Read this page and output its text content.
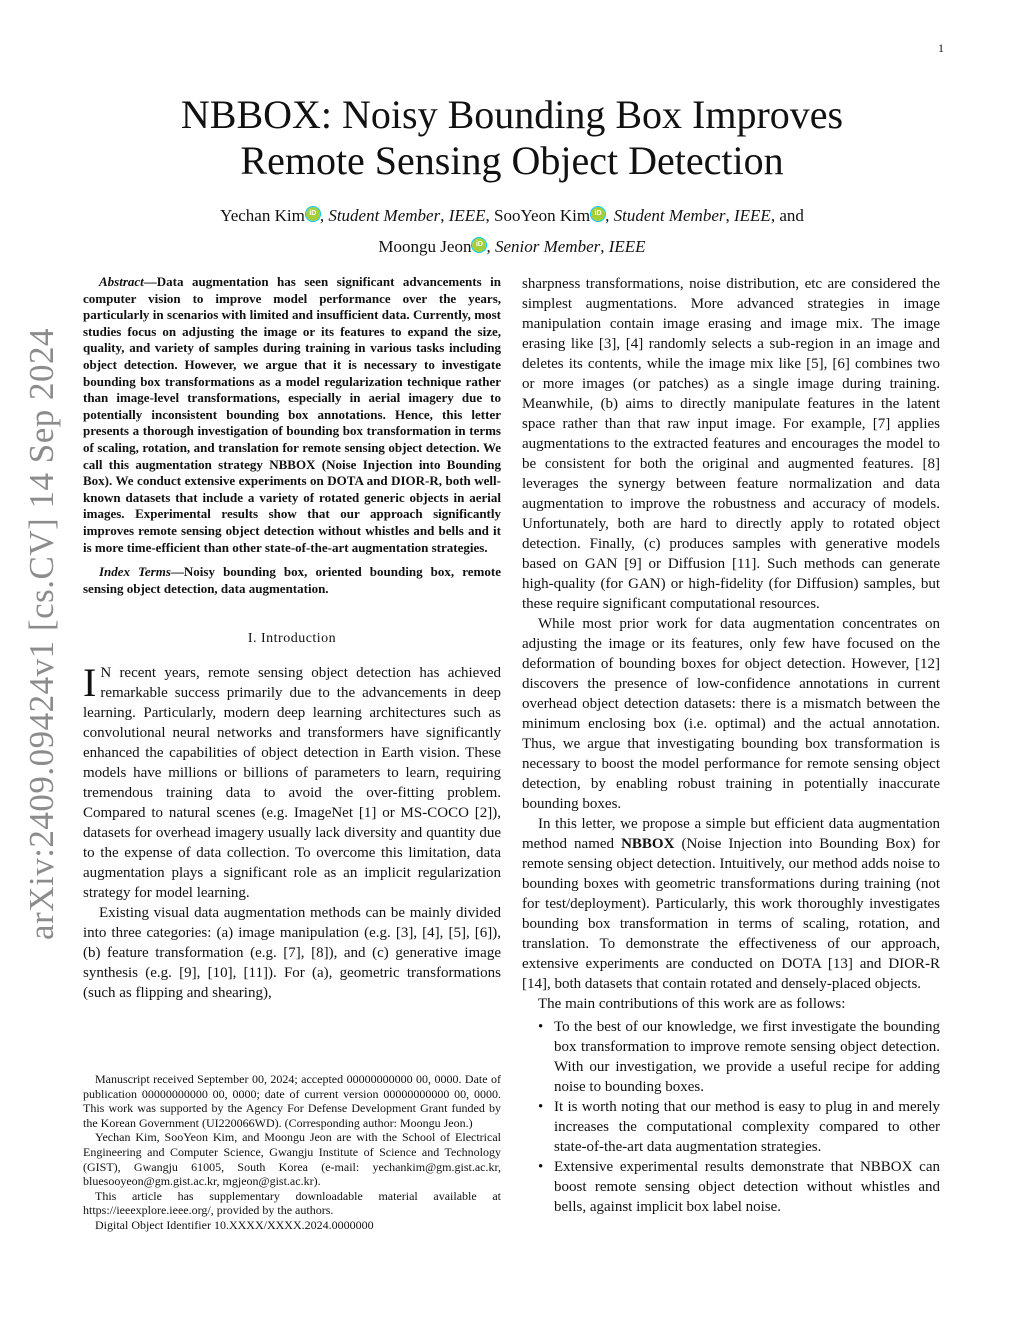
1
arXiv:2409.09424v1 [cs.CV] 14 Sep 2024
NBBOX: Noisy Bounding Box Improves
Remote Sensing Object Detection
Yechan Kim iD , Student Member, IEEE, SooYeon Kim iD , Student Member, IEEE, and
Moongu Jeon iD , Senior Member, IEEE

Abstract—Data augmentation has seen significant advancements in computer vision to improve model performance over the years, particularly in scenarios with limited and insufficient data. Currently, most studies focus on adjusting the image or its features to expand the size, quality, and variety of samples during training in various tasks including object detection. However, we argue that it is necessary to investigate bounding box transformations as a model regularization technique rather than image-level transformations, especially in aerial imagery due to potentially inconsistent bounding box annotations. Hence, this letter presents a thorough investigation of bounding box transformation in terms of scaling, rotation, and translation for remote sensing object detection. We call this augmentation strategy NBBOX (Noise Injection into Bounding Box). We conduct extensive experiments on DOTA and DIOR-R, both well-known datasets that include a variety of rotated generic objects in aerial images. Experimental results show that our approach significantly improves remote sensing object detection without whistles and bells and it is more time-efficient than other state-of-the-art augmentation strategies.

Index Terms—Noisy bounding box, oriented bounding box, remote sensing object detection, data augmentation.

I. Introduction

I N recent years, remote sensing object detection has achieved remarkable success primarily due to the advancements in deep learning. Particularly, modern deep learning architectures such as convolutional neural networks and transformers have significantly enhanced the capabilities of object detection in Earth vision. These models have millions or billions of parameters to learn, requiring tremendous training data to avoid the over-fitting problem. Compared to natural scenes (e.g. ImageNet [1] or MS-COCO [2]), datasets for overhead imagery usually lack diversity and quantity due to the expense of data collection. To overcome this limitation, data augmentation plays a significant role as an implicit regularization strategy for model learning.

Existing visual data augmentation methods can be mainly divided into three categories: (a) image manipulation (e.g. [3], [4], [5], [6]), (b) feature transformation (e.g. [7], [8]), and (c) generative image synthesis (e.g. [9], [10], [11]). For (a), geometric transformations (such as flipping and shearing),

Manuscript received September 00, 2024; accepted 00000000000 00, 0000. Date of publication 00000000000 00, 0000; date of current version 00000000000 00, 0000. This work was supported by the Agency For Defense Development Grant funded by the Korean Government (UI220066WD). (Corresponding author: Moongu Jeon.)

Yechan Kim, SooYeon Kim, and Moongu Jeon are with the School of Electrical Engineering and Computer Science, Gwangju Institute of Science and Technology (GIST), Gwangju 61005, South Korea (e-mail: yechankim@gm.gist.ac.kr, bluesooyeon@gm.gist.ac.kr, mgjeon@gist.ac.kr).

This article has supplementary downloadable material available at https://ieeexplore.ieee.org/, provided by the authors.

Digital Object Identifier 10.XXXX/XXXX.2024.0000000

sharpness transformations, noise distribution, etc are considered the simplest augmentations. More advanced strategies in image manipulation contain image erasing and image mix. The image erasing like [3], [4] randomly selects a sub-region in an image and deletes its contents, while the image mix like [5], [6] combines two or more images (or patches) as a single image during training. Meanwhile, (b) aims to directly manipulate features in the latent space rather than that raw input image. For example, [7] applies augmentations to the extracted features and encourages the model to be consistent for both the original and augmented features. [8] leverages the synergy between feature normalization and data augmentation to improve the robustness and accuracy of models. Unfortunately, both are hard to directly apply to rotated object detection. Finally, (c) produces samples with generative models based on GAN [9] or Diffusion [11]. Such methods can generate high-quality (for GAN) or high-fidelity (for Diffusion) samples, but these require significant computational resources.

While most prior work for data augmentation concentrates on adjusting the image or its features, only few have focused on the deformation of bounding boxes for object detection. However, [12] discovers the presence of low-confidence annotations in current overhead object detection datasets: there is a mismatch between the minimum enclosing box (i.e. optimal) and the actual annotation. Thus, we argue that investigating bounding box transformation is necessary to boost the model performance for remote sensing object detection, by enabling robust training in potentially inaccurate bounding boxes.

In this letter, we propose a simple but efficient data augmentation method named NBBOX (Noise Injection into Bounding Box) for remote sensing object detection. Intuitively, our method adds noise to bounding boxes with geometric transformations during training (not for test/deployment). Particularly, this work thoroughly investigates bounding box transformation in terms of scaling, rotation, and translation. To demonstrate the effectiveness of our approach, extensive experiments are conducted on DOTA [13] and DIOR-R [14], both datasets that contain rotated and densely-placed objects.

The main contributions of this work are as follows:

• To the best of our knowledge, we first investigate the bounding box transformation to improve remote sensing object detection. With our investigation, we provide a useful recipe for adding noise to bounding boxes.
• It is worth noting that our method is easy to plug in and merely increases the computational complexity compared to other state-of-the-art data augmentation strategies.
• Extensive experimental results demonstrate that NBBOX can boost remote sensing object detection without whistles and bells, against implicit box label noise.
